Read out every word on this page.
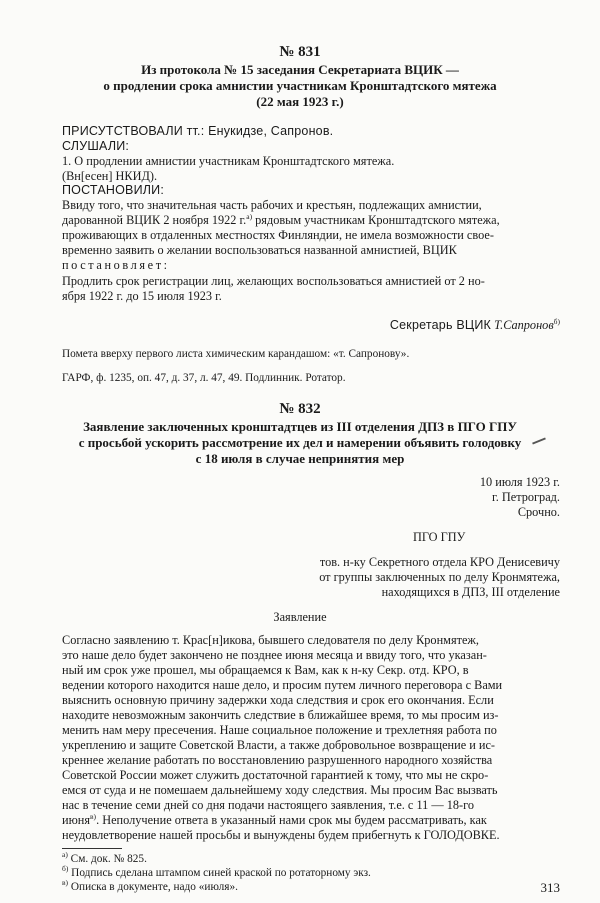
№ 831
Из протокола № 15 заседания Секретариата ВЦИК —
о продлении срока амнистии участникам Кронштадтского мятежа
(22 мая 1923 г.)
ПРИСУТСТВОВАЛИ тт.: Енукидзе, Сапронов.
СЛУШАЛИ:
1. О продлении амнистии участникам Кронштадтского мятежа.
(Вн[есен] НКИД).
ПОСТАНОВИЛИ:
Ввиду того, что значительная часть рабочих и крестьян, подлежащих амнистии,
дарованной ВЦИК 2 ноября 1922 г.$^{а)}$ рядовым участникам Кронштадтского мятежа,
проживающих в отдаленных местностях Финляндии, не имела возможности свое-
временно заявить о желании воспользоваться названной амнистией, ВЦИК
постановляет:
Продлить срок регистрации лиц, желающих воспользоваться амнистией от 2 но-
ября 1922 г. до 15 июля 1923 г.
Секретарь ВЦИК Т.Сапронов$^{б)}$
Помета вверху первого листа химическим карандашом: «т. Сапронову».
ГАРФ, ф. 1235, оп. 47, д. 37, л. 47, 49. Подлинник. Ротатор.
№ 832
Заявление заключенных кронштадтцев из III отделения ДПЗ в ПГО ГПУ
с просьбой ускорить рассмотрение их дел и намерении объявить голодовку
с 18 июля в случае непринятия мер
10 июля 1923 г.
г. Петроград.
Срочно.
ПГО ГПУ
тов. н-ку Секретного отдела КРО Денисевичу
от группы заключенных по делу Кронмятежа,
находящихся в ДПЗ, III отделение
Заявление
Согласно заявлению т. Крас[н]икова, бывшего следователя по делу Кронмятеж,
это наше дело будет закончено не позднее июня месяца и ввиду того, что указан-
ный им срок уже прошел, мы обращаемся к Вам, как к н-ку Секр. отд. КРО, в
ведении которого находится наше дело, и просим путем личного переговора с Вами
выяснить основную причину задержки хода следствия и срок его окончания. Если
находите невозможным закончить следствие в ближайшее время, то мы просим из-
менить нам меру пресечения. Наше социальное положение и трехлетняя работа по
укреплению и защите Советской Власти, а также добровольное возвращение и ис-
креннее желание работать по восстановлению разрушенного народного хозяйства
Советской России может служить достаточной гарантией к тому, что мы не скро-
емся от суда и не помешаем дальнейшему ходу следствия. Мы просим Вас вызвать
нас в течение семи дней со дня подачи настоящего заявления, т.е. с 11 — 18-го
июня$^{в)}$. Неполучение ответа в указанный нами срок мы будем рассматривать, как
неудовлетворение нашей просьбы и вынуждены будем прибегнуть к ГОЛОДОВКЕ.
$^{а)}$ См. док. № 825.
$^{б)}$ Подпись сделана штампом синей краской по ротаторному экз.
$^{в)}$ Описка в документе, надо «июля».	313
